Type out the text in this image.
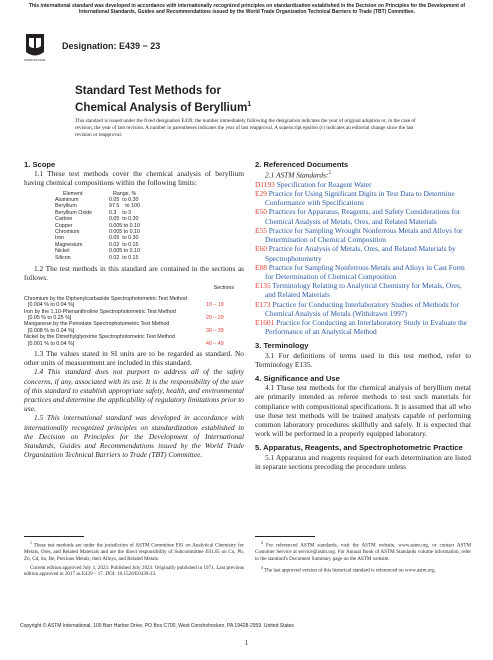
This international standard was developed in accordance with internationally recognized principles on standardization established in the Decision on Principles for the Development of International Standards, Guides and Recommendations issued by the World Trade Organization Technical Barriers to Trade (TBT) Committee.
INTERNATIONAL
Designation: E439 − 23
Standard Test Methods for
Chemical Analysis of Beryllium$^1$
This standard is issued under the fixed designation E439; the number immediately following the designation indicates the year of original adoption or, in the case of revision, the year of last revision. A number in parentheses indicates the year of last reapproval. A superscript epsilon (ε) indicates an editorial change since the last revision or reapproval.
1. Scope

1.1 These test methods cover the chemical analysis of beryllium having chemical compositions within the following limits:

Element	Range, %
Aluminum	0.05  to 0.30
Beryllium	97.5    to 100
Beryllium Oxide	0.3    to 3
Carbon	0.05  to 0.30
Copper	0.005 to 0.10
Chromium	0.005 to 0.10
Iron	0.05  to 0.30
Magnesium	0.02  to 0.15
Nickel	0.005 to 0.10
Silicon	0.02  to 0.15

1.2 The test methods in this standard are contained in the sections as follows.

Sections
Chromium by the Diphenylcarbazide Spectrophotometric Test Method
[0.004 % to 0.04 %]	10 – 19
Iron by the 1,10-Phenanthroline Spectrophotometric Test Method
[0.05 % to 0.25 %]	20 – 29
Manganese by the Periodate Spectrophotometric Test Method
[0.008 % to 0.04 %]	30 – 39
Nickel by the Dimethylglyoxime Spectrophotometric Test Method
[0.001 % to 0.04 %]	40 – 49

1.3 The values stated in SI units are to be regarded as standard. No other units of measurement are included in this standard.

1.4 This standard does not purport to address all of the safety concerns, if any, associated with its use. It is the responsibility of the user of this standard to establish appropriate safety, health, and environmental practices and determine the applicability of regulatory limitations prior to use.

1.5 This international standard was developed in accordance with internationally recognized principles on standardization established in the Decision on Principles for the Development of International Standards, Guides and Recommendations issued by the World Trade Organization Technical Barriers to Trade (TBT) Committee.

2. Referenced Documents
2.1 ASTM Standards:$^2$
D1193 Specification for Reagent Water
E29 Practice for Using Significant Digits in Test Data to Determine Conformance with Specifications
E50 Practices for Apparatus, Reagents, and Safety Considerations for Chemical Analysis of Metals, Ores, and Related Materials
E55 Practice for Sampling Wrought Nonferrous Metals and Alloys for Determination of Chemical Composition
E60 Practice for Analysis of Metals, Ores, and Related Materials by Spectrophotometry
E88 Practice for Sampling Nonferrous Metals and Alloys in Cast Form for Determination of Chemical Composition
E135 Terminology Relating to Analytical Chemistry for Metals, Ores, and Related Materials
E173 Practice for Conducting Interlaboratory Studies of Methods for Chemical Analysis of Metals (Withdrawn 1997)
E1601 Practice for Conducting an Interlaboratory Study to Evaluate the Performance of an Analytical Method
3. Terminology

3.1 For definitions of terms used in this test method, refer to Terminology E135.

4. Significance and Use

4.1 These test methods for the chemical analysis of beryllium metal are primarily intended as referee methods to test such materials for compliance with compositional specifications. It is assumed that all who use these test methods will be trained analysts capable of performing common laboratory procedures skillfully and safely. It is expected that work will be performed in a properly equipped laboratory.

5. Apparatus, Reagents, and Spectrophotometric Practice

5.1 Apparatus and reagents required for each determination are listed in separate sections preceding the procedure unless

$^1$ These test methods are under the jurisdiction of ASTM Committee E01 on Analytical Chemistry for Metals, Ores, and Related Materials and are the direct responsibility of Subcommittee E01.05 on Cu, Pb, Zn, Cd, Sn, Be, Precious Metals, their Alloys, and Related Metals.
Current edition approved July 1, 2023. Published July 2023. Originally published in 1971. Last previous edition approved in 2017 as E439 – 17. DOI: 10.1520/E0439-23.
$^2$ For referenced ASTM standards, visit the ASTM website, www.astm.org, or contact ASTM Customer Service at service@astm.org. For Annual Book of ASTM Standards volume information, refer to the standard's Document Summary page on the ASTM website.
$^3$ The last approved version of this historical standard is referenced on www.astm.org.
Copyright © ASTM International, 100 Barr Harbor Drive, PO Box C700, West Conshohocken, PA 19428-2959. United States
1
